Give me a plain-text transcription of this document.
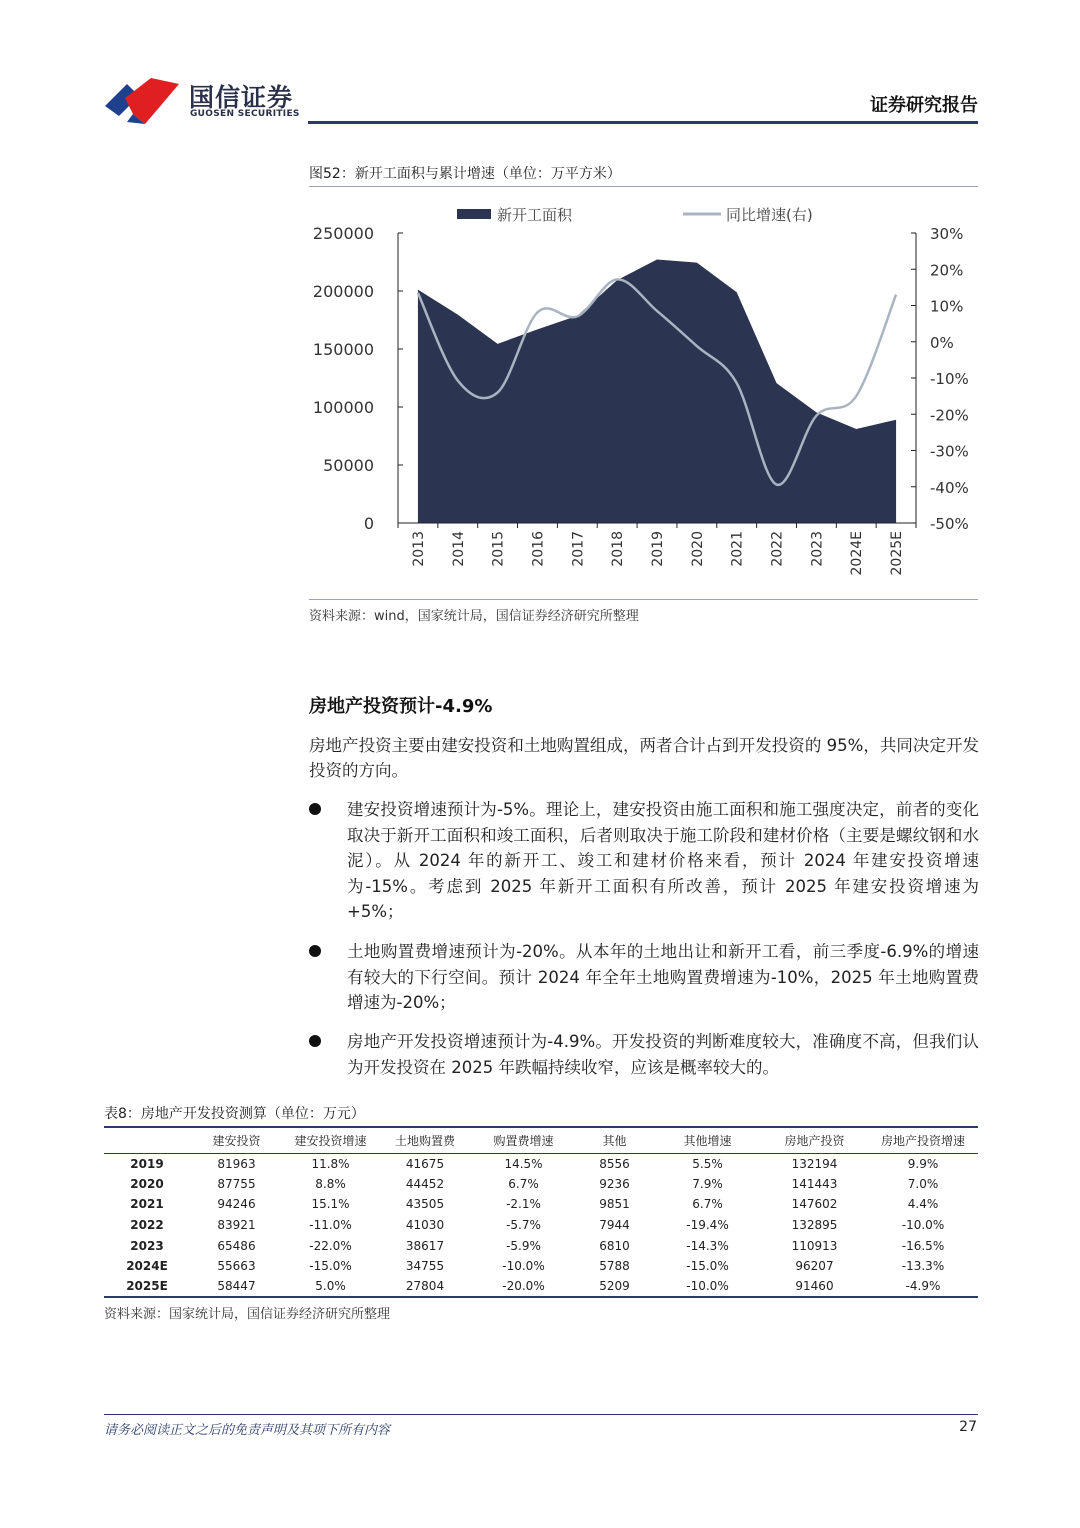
国信证券
GUOSEN SECURITIES	证券研究报告
图52：新开工面积与累计增速（单位：万平方米）
250000
200000
150000
100000
50000
0
30%
20%
10%
0%
-10%
-20%
-30%
-40%
-50%
2013 2014 2015 2016 2017 2018 2019 2020 2021 2022 2023 2024E 2025E
新开工面积	同比增速(右)
资料来源：wind，国家统计局，国信证券经济研究所整理
房地产投资预计-4.9%
房地产投资主要由建安投资和土地购置组成，两者合计占到开发投资的 95%，共同决定开发投资的方向。
建安投资增速预计为-5%。理论上，建安投资由施工面积和施工强度决定，前者的变化取决于新开工面积和竣工面积，后者则取决于施工阶段和建材价格（主要是螺纹钢和水泥）。从 2024 年的新开工、竣工和建材价格来看，预计 2024 年建安投资增速为-15%。考虑到 2025 年新开工面积有所改善，预计 2025 年建安投资增速为+5%；
土地购置费增速预计为-20%。从本年的土地出让和新开工看，前三季度-6.9%的增速有较大的下行空间。预计 2024 年全年土地购置费增速为-10%，2025 年土地购置费增速为-20%；
房地产开发投资增速预计为-4.9%。开发投资的判断难度较大，准确度不高，但我们认为开发投资在 2025 年跌幅持续收窄，应该是概率较大的。
表8：房地产开发投资测算（单位：万元）
	建安投资	建安投资增速	土地购置费	购置费增速	其他	其他增速	房地产投资	房地产投资增速
2019	81963	11.8%	41675	14.5%	8556	5.5%	132194	9.9%
2020	87755	8.8%	44452	6.7%	9236	7.9%	141443	7.0%
2021	94246	15.1%	43505	-2.1%	9851	6.7%	147602	4.4%
2022	83921	-11.0%	41030	-5.7%	7944	-19.4%	132895	-10.0%
2023	65486	-22.0%	38617	-5.9%	6810	-14.3%	110913	-16.5%
2024E	55663	-15.0%	34755	-10.0%	5788	-15.0%	96207	-13.3%
2025E	58447	5.0%	27804	-20.0%	5209	-10.0%	91460	-4.9%
资料来源：国家统计局，国信证券经济研究所整理
请务必阅读正文之后的免责声明及其项下所有内容	27
